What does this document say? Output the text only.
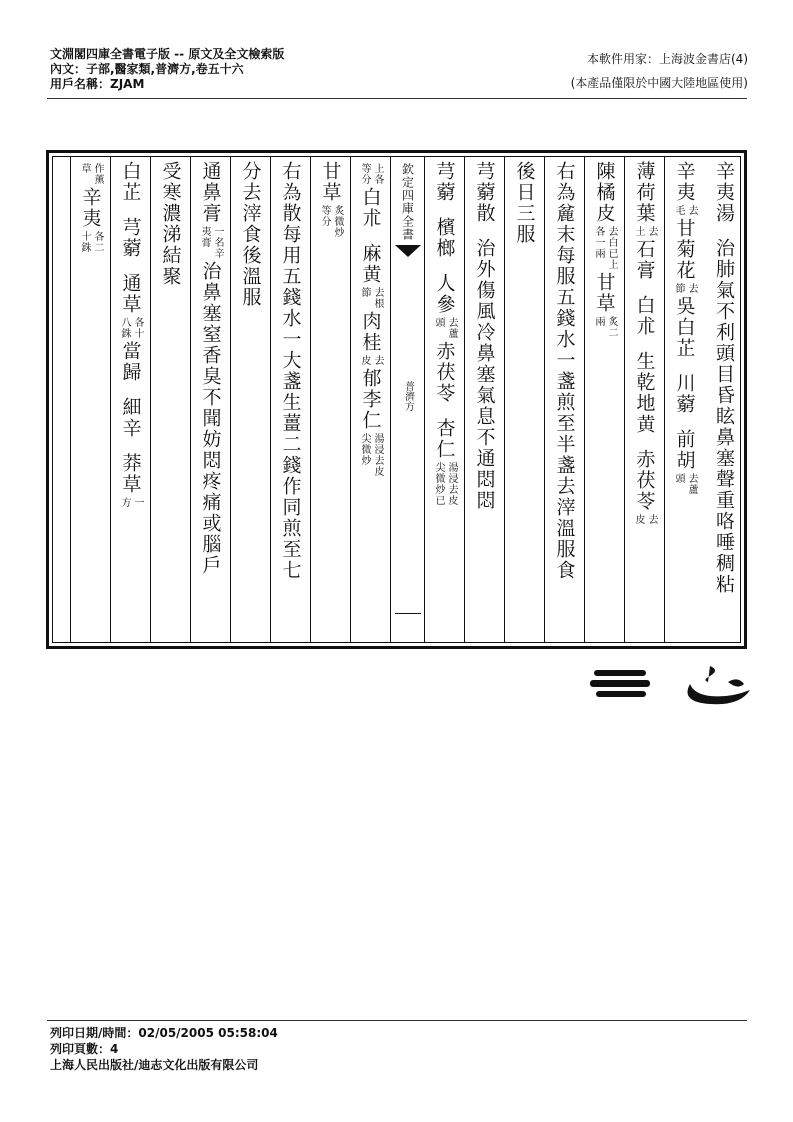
文淵閣四庫全書電子版 -- 原文及全文檢索版
內文：子部,醫家類,普濟方,卷五十六
用戶名稱：ZJAM
本軟件用家：上海波金書店(4)
(本產品僅限於中國大陸地區使用)
辛夷湯
治肺氣不利頭目昏眩鼻塞聲重咯唾稠粘
辛夷
去
毛
甘菊花
去
節
吳白芷
川藭
前胡
去蘆
頭
薄荷葉
去
土
石膏
白朮
生乾地黄
赤茯苓
去
皮
陳橘皮
去白已上
各一兩
甘草
炙二
兩
右為麄末每服五錢水一盞煎至半盞去滓溫服食
後日三服
芎藭散
治外傷風冷鼻塞氣息不通悶悶
芎藭
檳榔
人參
去蘆
頭
赤茯苓
杏仁
湯浸去皮
尖微炒已
欽定四庫全書
普濟方
上各
等分
白朮
麻黄
去根
節
肉桂
去
皮
郁李仁
湯浸去皮
尖微炒
甘草
炙微炒
等分
右為散每用五錢水一大盞生薑二錢作同煎至七
分去滓食後溫服
通鼻膏
一名辛
夷膏
治鼻塞窒香臭不聞妨悶疼痛或腦戶
受寒濃涕結聚
白芷
芎藭
通草
各十
八銖
當歸
細辛
莽草
一
方
作薰
草
辛夷
各二
十銖
列印日期/時間：02/05/2005 05:58:04
列印頁數：4
上海人民出版社/迪志文化出版有限公司
